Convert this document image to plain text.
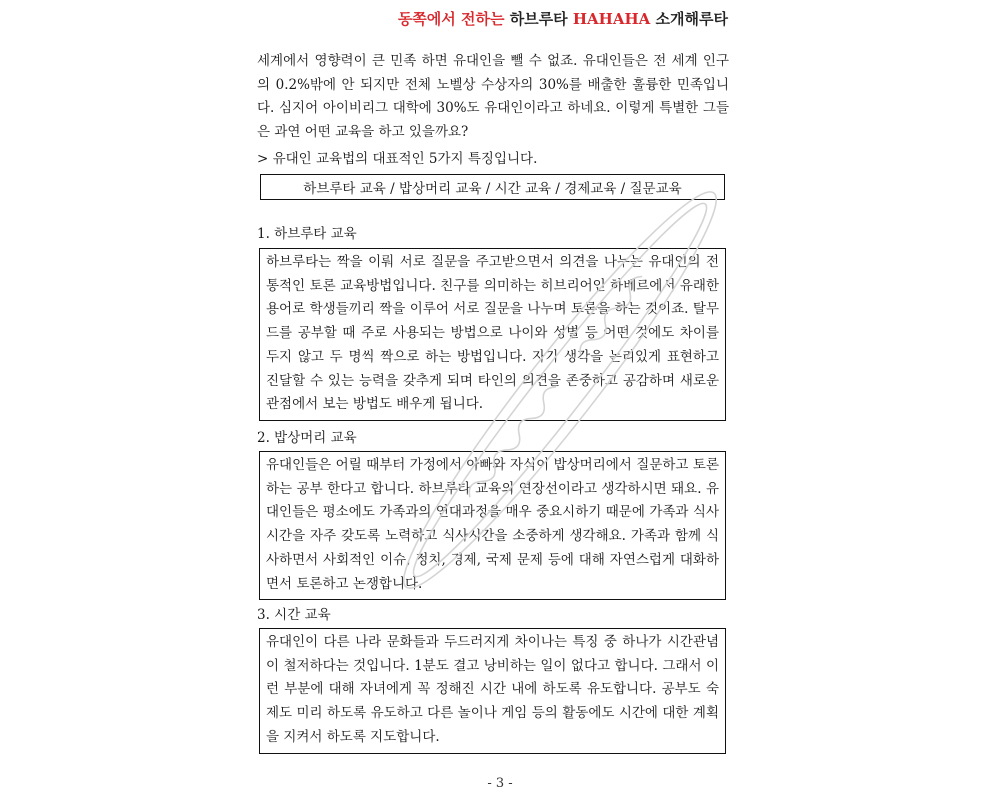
동쪽에서 전하는 하브루타 HAHAHA 소개해루타

세계에서 영향력이 큰 민족 하면 유대인을 뺄 수 없죠. 유대인들은 전 세계 인구의 0.2%밖에 안 되지만 전체 노벨상 수상자의 30%를 배출한 훌륭한 민족입니다. 심지어 아이비리그 대학에 30%도 유대인이라고 하네요. 이렇게 특별한 그들은 과연 어떤 교육을 하고 있을까요?

> 유대인 교육법의 대표적인 5가지 특징입니다.
하브루타 교육 / 밥상머리 교육 / 시간 교육 / 경제교육 / 질문교육
1. 하브루타 교육

하브루타는 짝을 이뤄 서로 질문을 주고받으면서 의견을 나누는 유대인의 전통적인 토론 교육방법입니다. 친구를 의미하는 히브리어인 하베르에서 유래한 용어로 학생들끼리 짝을 이루어 서로 질문을 나누며 토론을 하는 것이죠. 탈무드를 공부할 때 주로 사용되는 방법으로 나이와 성별 등 어떤 것에도 차이를 두지 않고 두 명씩 짝으로 하는 방법입니다. 자기 생각을 논리있게 표현하고 진달할 수 있는 능력을 갖추게 되며 타인의 의견을 존중하고 공감하며 새로운 관점에서 보는 방법도 배우게 됩니다.

2. 밥상머리 교육

유대인들은 어릴 때부터 가정에서 아빠와 자식이 밥상머리에서 질문하고 토론하는 공부 한다고 합니다. 하브루타 교육의 연장선이라고 생각하시면 돼요. 유대인들은 평소에도 가족과의 연대과정을 매우 중요시하기 때문에 가족과 식사시간을 자주 갖도록 노력하고 식사시간을 소중하게 생각해요. 가족과 함께 식사하면서 사회적인 이슈, 정치, 경제, 국제 문제 등에 대해 자연스럽게 대화하면서 토론하고 논쟁합니다.

3. 시간 교육

유대인이 다른 나라 문화들과 두드러지게 차이나는 특징 중 하나가 시간관념이 철저하다는 것입니다. 1분도 결고 낭비하는 일이 없다고 합니다. 그래서 이런 부분에 대해 자녀에게 꼭 정해진 시간 내에 하도록 유도합니다. 공부도 숙제도 미리 하도록 유도하고 다른 놀이나 게임 등의 활동에도 시간에 대한 계획을 지켜서 하도록 지도합니다.

- 3 -
